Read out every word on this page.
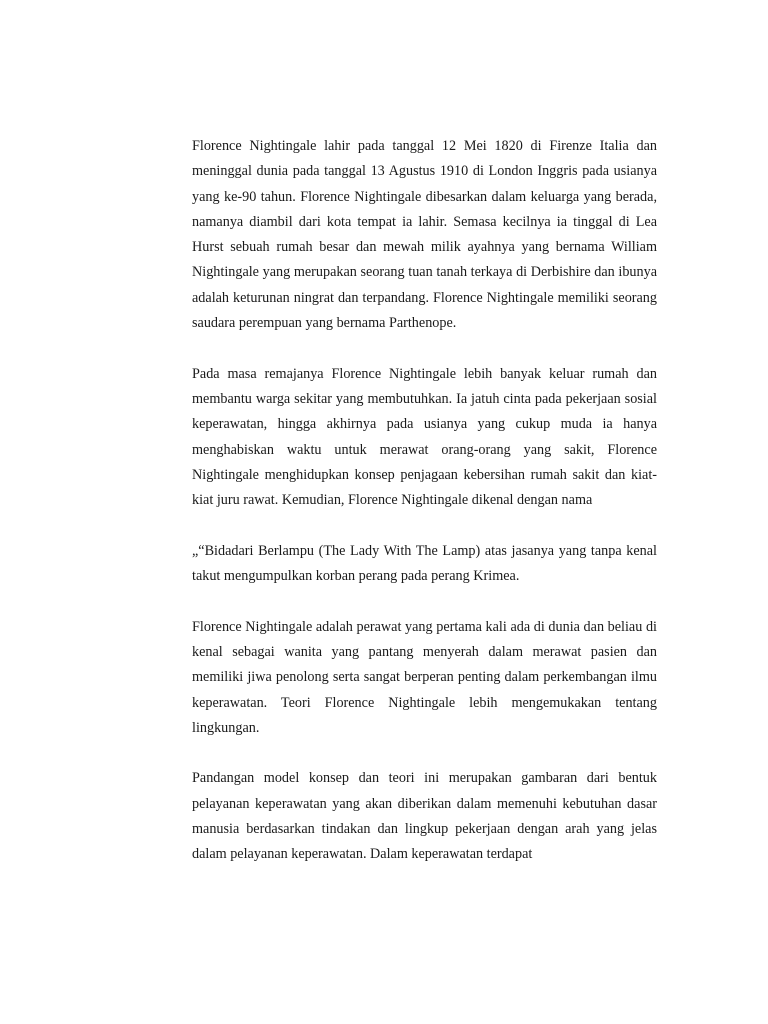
Florence Nightingale lahir pada tanggal 12 Mei 1820 di Firenze Italia dan meninggal dunia pada tanggal 13 Agustus 1910 di London Inggris pada usianya yang ke-90 tahun. Florence Nightingale dibesarkan dalam keluarga yang berada, namanya diambil dari kota tempat ia lahir. Semasa kecilnya ia tinggal di Lea Hurst sebuah rumah besar dan mewah milik ayahnya yang bernama William Nightingale yang merupakan seorang tuan tanah terkaya di Derbishire dan ibunya adalah keturunan ningrat dan terpandang. Florence Nightingale memiliki seorang saudara perempuan yang bernama Parthenope.

Pada masa remajanya Florence Nightingale lebih banyak keluar rumah dan membantu warga sekitar yang membutuhkan. Ia jatuh cinta pada pekerjaan sosial keperawatan, hingga akhirnya pada usianya yang cukup muda ia hanya menghabiskan waktu untuk merawat orang-orang yang sakit, Florence Nightingale menghidupkan konsep penjagaan kebersihan rumah sakit dan kiat-kiat juru rawat. Kemudian, Florence Nightingale dikenal dengan nama

„“Bidadari Berlampu (The Lady With The Lamp) atas jasanya yang tanpa kenal takut mengumpulkan korban perang pada perang Krimea.

Florence Nightingale adalah perawat yang pertama kali ada di dunia dan beliau di kenal sebagai wanita yang pantang menyerah dalam merawat pasien dan memiliki jiwa penolong serta sangat berperan penting dalam perkembangan ilmu keperawatan. Teori Florence Nightingale lebih mengemukakan tentang lingkungan.

Pandangan model konsep dan teori ini merupakan gambaran dari bentuk pelayanan keperawatan yang akan diberikan dalam memenuhi kebutuhan dasar manusia berdasarkan tindakan dan lingkup pekerjaan dengan arah yang jelas dalam pelayanan keperawatan. Dalam keperawatan terdapat
